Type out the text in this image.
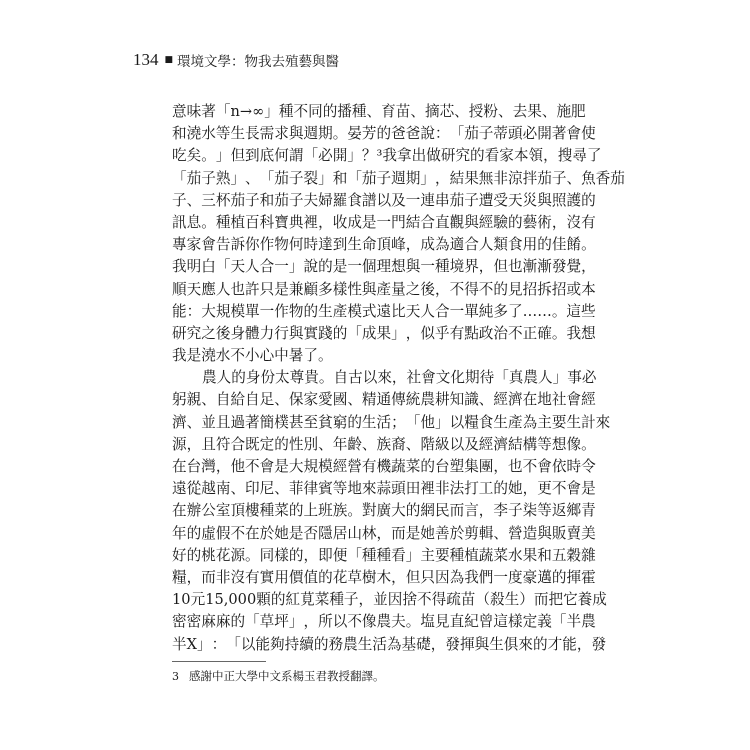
134 ■ 環境文學：物我去殖藝與醫
意 味 著 「 n → ∞ 」 種 不 同 的 播 種 、 育 苗 、 摘 芯 、 授 粉 、 去 果 、 施 肥
和 澆 水 等 生 長 需 求 與 週 期 。 晏 芳 的 爸 爸 說 ： 「 茄 子 蒂 頭 必 開 著 會 使
吃 矣 。 」 但 到 底 何 謂 「 必 開 」 ？ ³ 我 拿 出 做 研 究 的 看 家 本 領 ， 搜 尋 了
「 茄 子 熟 」 、 「 茄 子 裂 」 和 「 茄 子 週 期 」 ， 結 果 無 非 涼 拌 茄 子 、 魚 香 茄
子 、 三 杯 茄 子 和 茄 子 夫 婦 羅 食 譜 以 及 一 連 串 茄 子 遭 受 天 災 與 照 護 的
訊 息 。 種 植 百 科 寶 典 裡 ， 收 成 是 一 門 結 合 直 觀 與 經 驗 的 藝 術 ， 沒 有
專 家 會 告 訴 你 作 物 何 時 達 到 生 命 頂 峰 ， 成 為 適 合 人 類 食 用 的 佳 餚 。
我 明 白 「 天 人 合 一 」 說 的 是 一 個 理 想 與 一 種 境 界 ， 但 也 漸 漸 發 覺 ，
順 天 應 人 也 許 只 是 兼 顧 多 樣 性 與 產 量 之 後 ， 不 得 不 的 見 招 拆 招 或 本
能 ： 大 規 模 單 一 作 物 的 生 產 模 式 遠 比 天 人 合 一 單 純 多 了 … … 。 這 些
研 究 之 後 身 體 力 行 與 實 踐 的 「 成 果 」 ， 似 乎 有 點 政 治 不 正 確 。 我 想
我是澆水不小心中暑了。
農 人 的 身 份 太 尊 貴 。 自 古 以 來 ， 社 會 文 化 期 待 「 真 農 人 」 事 必
躬 親 、 自 給 自 足 、 保 家 愛 國 、 精 通 傳 統 農 耕 知 識 、 經 濟 在 地 社 會 經
濟 、 並 且 過 著 簡 樸 甚 至 貧 窮 的 生 活 ； 「 他 」 以 糧 食 生 產 為 主 要 生 計 來
源 ， 且 符 合 既 定 的 性 別 、 年 齡 、 族 裔 、 階 級 以 及 經 濟 結 構 等 想 像 。
在 台 灣 ， 他 不 會 是 大 規 模 經 營 有 機 蔬 菜 的 台 塑 集 團 ， 也 不 會 依 時 令
遠 從 越 南 、 印 尼 、 菲 律 賓 等 地 來 蒜 頭 田 裡 非 法 打 工 的 她 ， 更 不 會 是
在 辦 公 室 頂 樓 種 菜 的 上 班 族 。 對 廣 大 的 網 民 而 言 ， 李 子 柒 等 返 鄉 青
年 的 虛 假 不 在 於 她 是 否 隱 居 山 林 ， 而 是 她 善 於 剪 輯 、 營 造 與 販 賣 美
好 的 桃 花 源 。 同 樣 的 ， 即 便 「 種 種 看 」 主 要 種 植 蔬 菜 水 果 和 五 穀 雜
糧 ， 而 非 沒 有 實 用 價 值 的 花 草 樹 木 ， 但 只 因 為 我 們 一 度 豪 邁 的 揮 霍
10 元 15,000 顆 的 紅 莧 菜 種 子 ， 並 因 捨 不 得 疏 苗 （ 殺 生 ） 而 把 它 養 成
密 密 麻 麻 的 「 草 坪 」 ， 所 以 不 像 農 夫 。 塩 見 直 紀 曾 這 樣 定 義 「 半 農
半 X 」 ： 「 以 能 夠 持 續 的 務 農 生 活 為 基 礎 ， 發 揮 與 生 俱 來 的 才 能 ， 發
3 感謝中正大學中文系楊玉君教授翻譯。
